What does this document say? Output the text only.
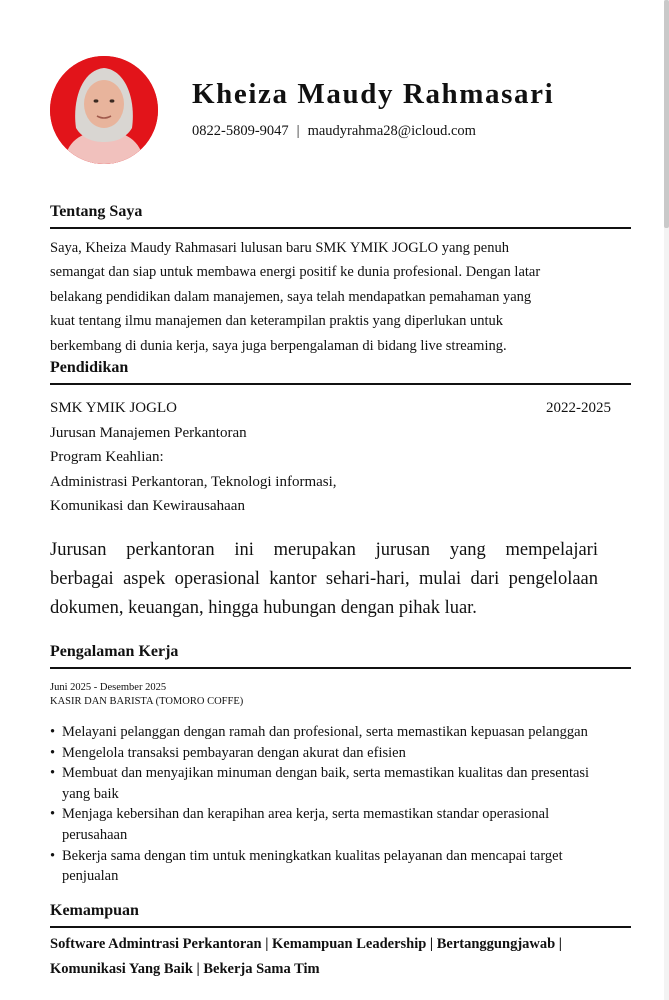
Kheiza Maudy Rahmasari
0822-5809-9047 | maudyrahma28@icloud.com
Tentang Saya
Saya, Kheiza Maudy Rahmasari lulusan baru SMK YMIK JOGLO yang penuh
semangat dan siap untuk membawa energi positif ke dunia profesional. Dengan latar
belakang pendidikan dalam manajemen, saya telah mendapatkan pemahaman yang
kuat tentang ilmu manajemen dan keterampilan praktis yang diperlukan untuk
berkembang di dunia kerja, saya juga berpengalaman di bidang live streaming.
Pendidikan
SMK YMIK JOGLO	2022-2025
Jurusan Manajemen Perkantoran
Program Keahlian:
Administrasi Perkantoran, Teknologi informasi,
Komunikasi dan Kewirausahaan
Jurusan perkantoran ini merupakan jurusan yang mempelajari
berbagai aspek operasional kantor sehari-hari, mulai dari pengelolaan
dokumen, keuangan, hingga hubungan dengan pihak luar.
Pengalaman Kerja
Juni 2025 - Desember 2025
KASIR DAN BARISTA (TOMORO COFFE)
• Melayani pelanggan dengan ramah dan profesional, serta memastikan kepuasan pelanggan
• Mengelola transaksi pembayaran dengan akurat dan efisien
• Membuat dan menyajikan minuman dengan baik, serta memastikan kualitas dan presentasi
yang baik
• Menjaga kebersihan dan kerapihan area kerja, serta memastikan standar operasional
perusahaan
• Bekerja sama dengan tim untuk meningkatkan kualitas pelayanan dan mencapai target
penjualan
Kemampuan
Software Admintrasi Perkantoran | Kemampuan Leadership | Bertanggungjawab |
Komunikasi Yang Baik | Bekerja Sama Tim
